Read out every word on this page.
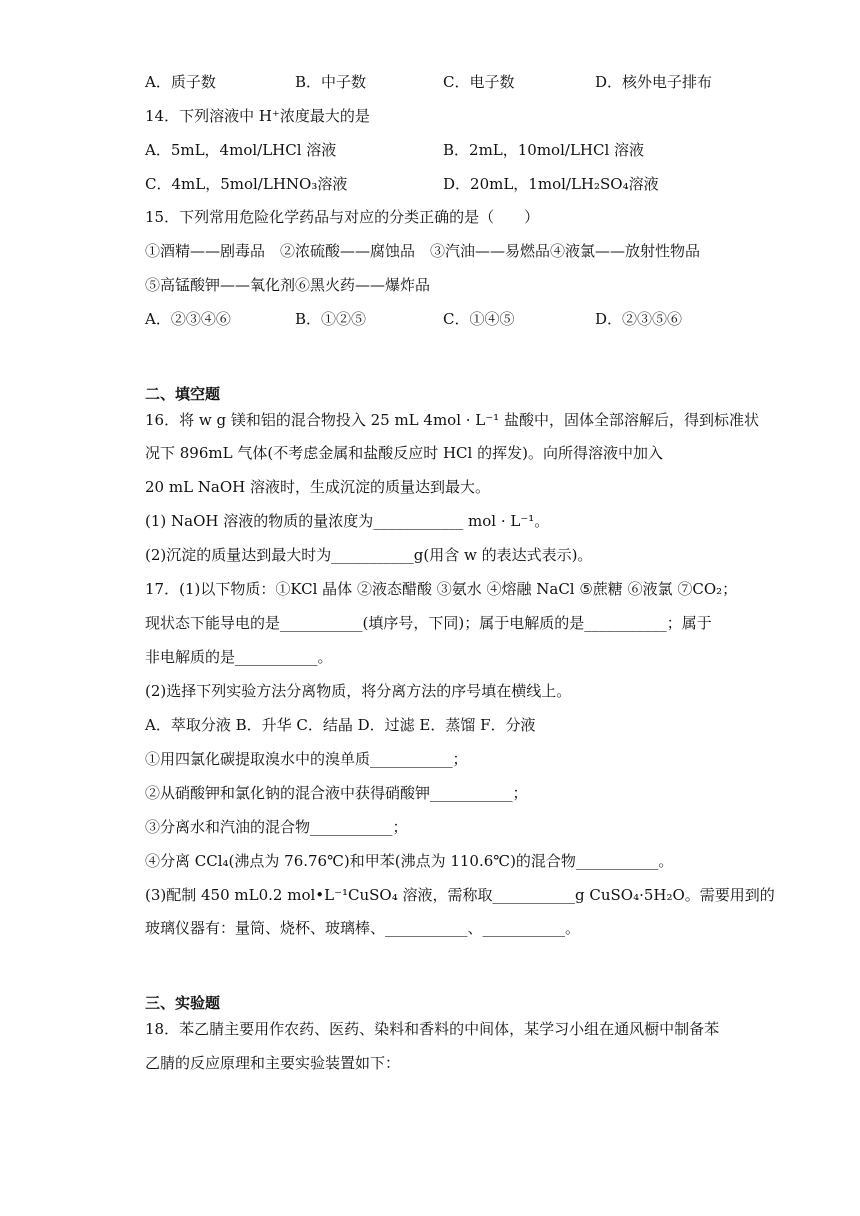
A．质子数	B．中子数	C．电子数	D．核外电子排布
14．下列溶液中 H⁺浓度最大的是
A．5mL，4mol/LHCl 溶液	B．2mL，10mol/LHCl 溶液
C．4mL，5mol/LHNO₃溶液	D．20mL，1mol/LH₂SO₄溶液
15．下列常用危险化学药品与对应的分类正确的是（　　）
①酒精——剧毒品　②浓硫酸——腐蚀品　③汽油——易燃品④液氯——放射性物品
⑤高锰酸钾——氧化剂⑥黑火药——爆炸品
A．②③④⑥	B．①②⑤	C．①④⑤	D．②③⑤⑥
二、填空题
16．将 w g 镁和铝的混合物投入 25 mL 4mol · L⁻¹ 盐酸中，固体全部溶解后，得到标准状
况下 896mL 气体(不考虑金属和盐酸反应时 HCl 的挥发)。向所得溶液中加入
20 mL NaOH 溶液时，生成沉淀的质量达到最大。
(1) NaOH 溶液的物质的量浓度为____________ mol · L⁻¹。
(2)沉淀的质量达到最大时为___________g(用含 w 的表达式表示)。
17．(1)以下物质：①KCl 晶体 ②液态醋酸 ③氨水 ④熔融 NaCl ⑤蔗糖 ⑥液氯 ⑦CO₂；
现状态下能导电的是___________(填序号，下同)；属于电解质的是___________；属于
非电解质的是___________。
(2)选择下列实验方法分离物质，将分离方法的序号填在横线上。
A．萃取分液 B．升华 C．结晶 D．过滤 E．蒸馏 F．分液
①用四氯化碳提取溴水中的溴单质___________；
②从硝酸钾和氯化钠的混合液中获得硝酸钾___________；
③分离水和汽油的混合物___________；
④分离 CCl₄(沸点为 76.76℃)和甲苯(沸点为 110.6℃)的混合物___________。
(3)配制 450 mL0.2 mol•L⁻¹CuSO₄ 溶液，需称取___________g CuSO₄·5H₂O。需要用到的
玻璃仪器有：量筒、烧杯、玻璃棒、___________、___________。
三、实验题
18．苯乙腈主要用作农药、医药、染料和香料的中间体，某学习小组在通风橱中制备苯
乙腈的反应原理和主要实验装置如下：
